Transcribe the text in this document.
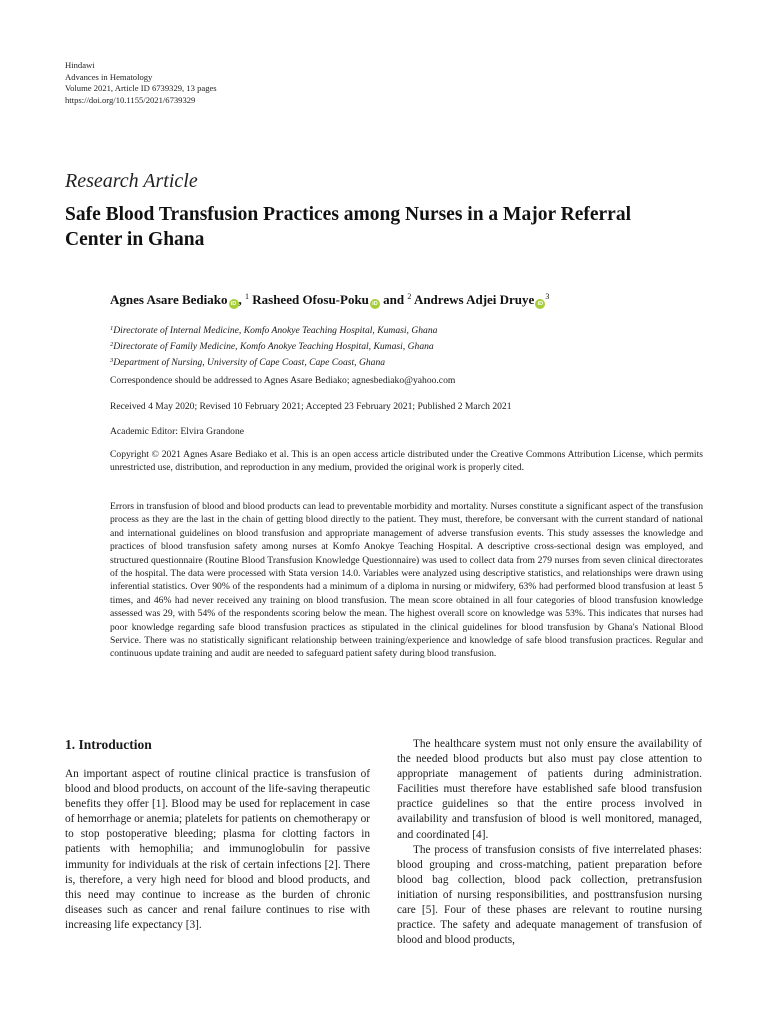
Hindawi
Advances in Hematology
Volume 2021, Article ID 6739329, 13 pages
https://doi.org/10.1155/2021/6739329
Research Article
Safe Blood Transfusion Practices among Nurses in a Major Referral Center in Ghana
Agnes Asare Bediako iD , $^1$ Rasheed Ofosu-Poku iD and $^2$ Andrews Adjei Druye $iD^3$
$^1$Directorate of Internal Medicine, Komfo Anokye Teaching Hospital, Kumasi, Ghana
$^2$Directorate of Family Medicine, Komfo Anokye Teaching Hospital, Kumasi, Ghana
$^3$Department of Nursing, University of Cape Coast, Cape Coast, Ghana
Correspondence should be addressed to Agnes Asare Bediako; agnesbediako@yahoo.com
Received 4 May 2020; Revised 10 February 2021; Accepted 23 February 2021; Published 2 March 2021
Academic Editor: Elvira Grandone
Copyright © 2021 Agnes Asare Bediako et al. This is an open access article distributed under the Creative Commons Attribution License, which permits unrestricted use, distribution, and reproduction in any medium, provided the original work is properly cited.
Errors in transfusion of blood and blood products can lead to preventable morbidity and mortality. Nurses constitute a significant aspect of the transfusion process as they are the last in the chain of getting blood directly to the patient. They must, therefore, be conversant with the current standard of national and international guidelines on blood transfusion and appropriate management of adverse transfusion events. This study assesses the knowledge and practices of blood transfusion safety among nurses at Komfo Anokye Teaching Hospital. A descriptive cross-sectional design was employed, and structured questionnaire (Routine Blood Transfusion Knowledge Questionnaire) was used to collect data from 279 nurses from seven clinical directorates of the hospital. The data were processed with Stata version 14.0. Variables were analyzed using descriptive statistics, and relationships were drawn using inferential statistics. Over 90% of the respondents had a minimum of a diploma in nursing or midwifery, 63% had performed blood transfusion at least 5 times, and 46% had never received any training on blood transfusion. The mean score obtained in all four categories of blood transfusion knowledge assessed was 29, with 54% of the respondents scoring below the mean. The highest overall score on knowledge was 53%. This indicates that nurses had poor knowledge regarding safe blood transfusion practices as stipulated in the clinical guidelines for blood transfusion by Ghana's National Blood Service. There was no statistically significant relationship between training/experience and knowledge of safe blood transfusion practices. Regular and continuous update training and audit are needed to safeguard patient safety during blood transfusion.
1. Introduction

An important aspect of routine clinical practice is transfusion of blood and blood products, on account of the life-saving therapeutic benefits they offer [1]. Blood may be used for replacement in case of hemorrhage or anemia; platelets for patients on chemotherapy or to stop postoperative bleeding; plasma for clotting factors in patients with hemophilia; and immunoglobulin for passive immunity for individuals at the risk of certain infections [2]. There is, therefore, a very high need for blood and blood products, and this need may continue to increase as the burden of chronic diseases such as cancer and renal failure continues to rise with increasing life expectancy [3].

The healthcare system must not only ensure the availability of the needed blood products but also must pay close attention to appropriate management of patients during administration. Facilities must therefore have established safe blood transfusion practice guidelines so that the entire process involved in availability and transfusion of blood is well monitored, managed, and coordinated [4].

The process of transfusion consists of five interrelated phases: blood grouping and cross-matching, patient preparation before blood bag collection, blood pack collection, pretransfusion initiation of nursing responsibilities, and posttransfusion nursing care [5]. Four of these phases are relevant to routine nursing practice. The safety and adequate management of transfusion of blood and blood products,
